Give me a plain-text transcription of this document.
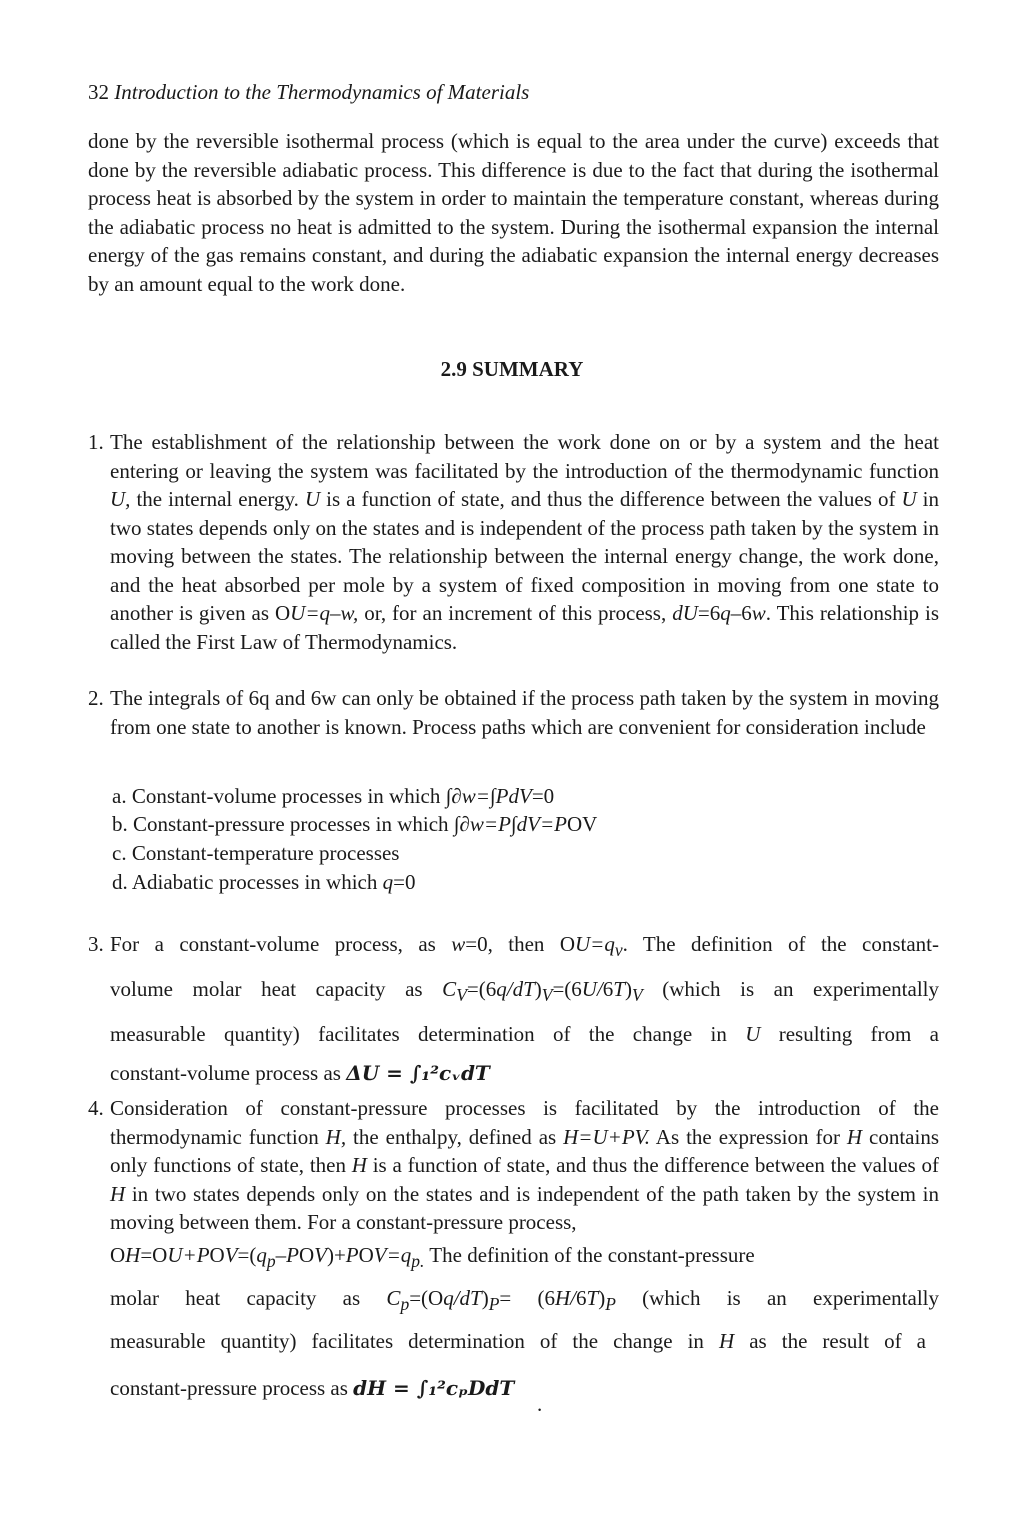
32 Introduction to the Thermodynamics of Materials
done by the reversible isothermal process (which is equal to the area under the curve) exceeds that done by the reversible adiabatic process. This difference is due to the fact that during the isothermal process heat is absorbed by the system in order to maintain the temperature constant, whereas during the adiabatic process no heat is admitted to the system. During the isothermal expansion the internal energy of the gas remains constant, and during the adiabatic expansion the internal energy decreases by an amount equal to the work done.
2.9 SUMMARY
1. The establishment of the relationship between the work done on or by a system and the heat entering or leaving the system was facilitated by the introduction of the thermodynamic function U, the internal energy. U is a function of state, and thus the difference between the values of U in two states depends only on the states and is independent of the process path taken by the system in moving between the states. The relationship between the internal energy change, the work done, and the heat absorbed per mole by a system of fixed composition in moving from one state to another is given as OU=q–w, or, for an increment of this process, dU=6q–6w. This relationship is called the First Law of Thermodynamics.
2. The integrals of 6q and 6w can only be obtained if the process path taken by the system in moving from one state to another is known. Process paths which are convenient for consideration include
a. Constant-volume processes in which ∫∂w=∫PdV=0
b. Constant-pressure processes in which ∫∂w=P∫dV=POV
c. Constant-temperature processes
d. Adiabatic processes in which q=0
3. For a constant-volume process, as w=0, then $OU=q_v$. The definition of the constant-
volume molar heat capacity as $C_V=(6q/dT)_V=(6U/6T)_V$ (which is an experimentally
measurable quantity) facilitates determination of the change in U resulting from a
constant-volume process as ΔU = ∫₁²cᵥdT
4. Consideration of constant-pressure processes is facilitated by the introduction of the thermodynamic function H, the enthalpy, defined as H=U+PV. As the expression for H contains only functions of state, then H is a function of state, and thus the difference between the values of H in two states depends only on the states and is independent of the path taken by the system in moving between them. For a constant-pressure process,
$OH=OU+POV=(q_p-POV)+POV=q_{p.}$ The definition of the constant-pressure
molar heat capacity as $C_p=(Oq/dT)_P= (6H/6T)_P$ (which is an experimentally
measurable quantity) facilitates determination of the change in H as the result of a
constant-pressure process as dH = ∫₁²cₚDdT
.
